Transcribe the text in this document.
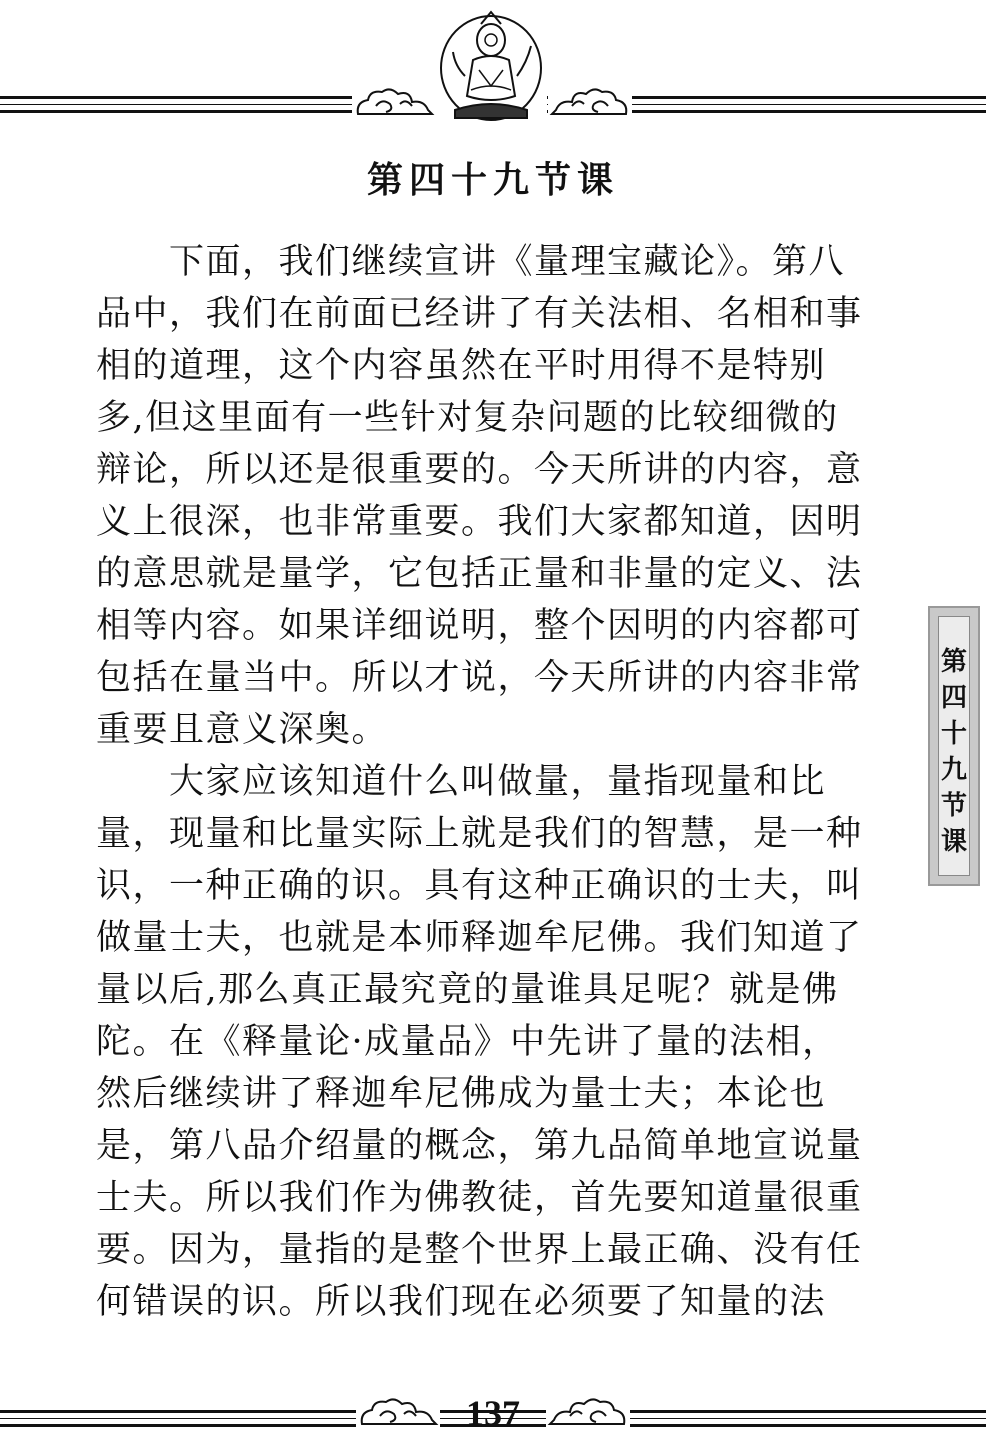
第四十九节课
　　下面，我们继续宣讲《量理宝藏论》。第八
品中，我们在前面已经讲了有关法相、名相和事
相的道理，这个内容虽然在平时用得不是特别
多,但这里面有一些针对复杂问题的比较细微的
辩论，所以还是很重要的。今天所讲的内容，意
义上很深，也非常重要。我们大家都知道，因明
的意思就是量学，它包括正量和非量的定义、法
相等内容。如果详细说明，整个因明的内容都可
包括在量当中。所以才说，今天所讲的内容非常
重要且意义深奥。
　　大家应该知道什么叫做量，量指现量和比
量，现量和比量实际上就是我们的智慧，是一种
识，一种正确的识。具有这种正确识的士夫，叫
做量士夫，也就是本师释迦牟尼佛。我们知道了
量以后,那么真正最究竟的量谁具足呢？就是佛
陀。在《释量论·成量品》中先讲了量的法相，
然后继续讲了释迦牟尼佛成为量士夫；本论也
是，第八品介绍量的概念，第九品简单地宣说量
士夫。所以我们作为佛教徒，首先要知道量很重
要。因为，量指的是整个世界上最正确、没有任
何错误的识。所以我们现在必须要了知量的法
第
四
十
九
节
课
137
